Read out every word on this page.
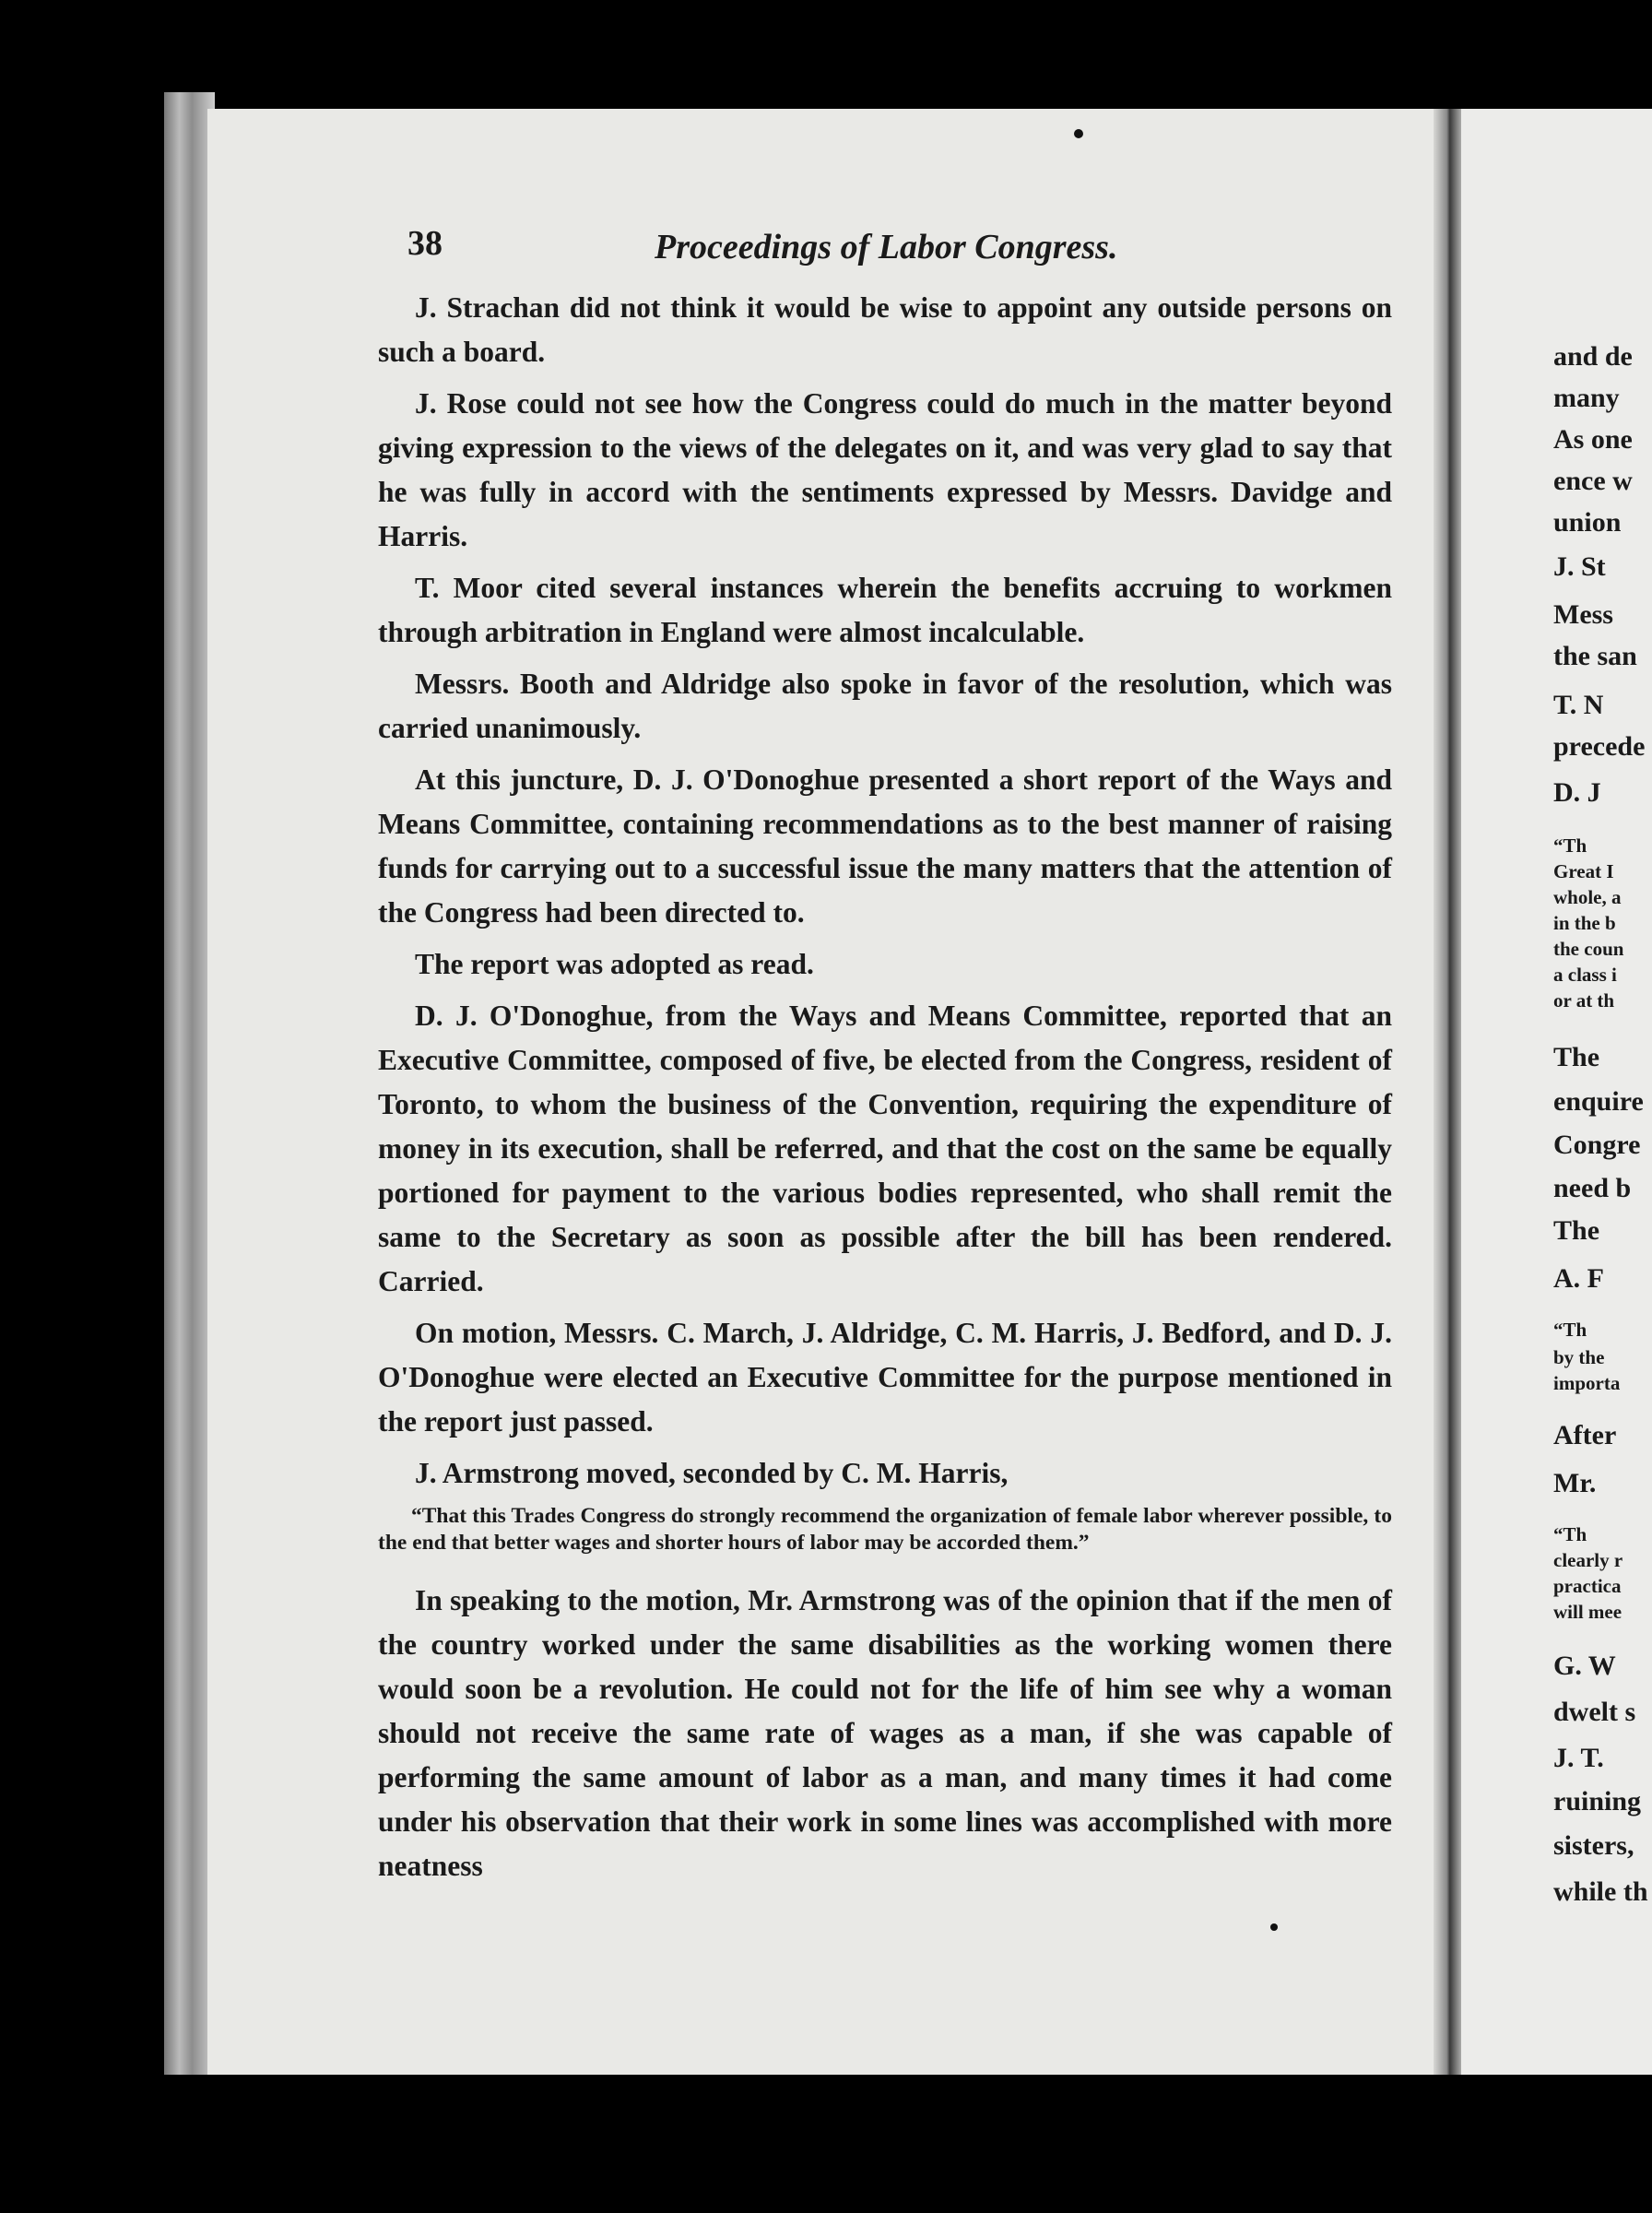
38	Proceedings of Labor Congress.

J. Strachan did not think it would be wise to appoint any outside persons on such a board.

J. Rose could not see how the Congress could do much in the matter beyond giving expression to the views of the delegates on it, and was very glad to say that he was fully in accord with the sentiments expressed by Messrs. Davidge and Harris.

T. Moor cited several instances wherein the benefits accruing to workmen through arbitration in England were almost incalculable.

Messrs. Booth and Aldridge also spoke in favor of the resolution, which was carried unanimously.

At this juncture, D. J. O'Donoghue presented a short report of the Ways and Means Committee, containing recommendations as to the best manner of raising funds for carrying out to a successful issue the many matters that the attention of the Congress had been directed to.

The report was adopted as read.

D. J. O'Donoghue, from the Ways and Means Committee, reported that an Executive Committee, composed of five, be elected from the Congress, resident of Toronto, to whom the business of the Convention, requiring the expenditure of money in its execution, shall be referred, and that the cost on the same be equally portioned for payment to the various bodies represented, who shall remit the same to the Secretary as soon as possible after the bill has been rendered. Carried.

On motion, Messrs. C. March, J. Aldridge, C. M. Harris, J. Bedford, and D. J. O'Donoghue were elected an Executive Committee for the purpose mentioned in the report just passed.

J. Armstrong moved, seconded by C. M. Harris,

“That this Trades Congress do strongly recommend the organization of female labor wherever possible, to the end that better wages and shorter hours of labor may be accorded them.”

In speaking to the motion, Mr. Armstrong was of the opinion that if the men of the country worked under the same disabilities as the working women there would soon be a revolution. He could not for the life of him see why a woman should not receive the same rate of wages as a man, if she was capable of performing the same amount of labor as a man, and many times it had come under his observation that their work in some lines was accomplished with more neatness

and de
many
As one
ence w
union
J. St
Mess
the san
T. N
precede
D. J
“Th
Great I
whole, a
in the b
the coun
a class i
or at th
The
enquire
Congre
need b
The
A. F
“Th
by the
importa
After
Mr.
“Th
clearly r
practica
will mee
G. W
dwelt s
J. T.
ruining
sisters,
while th
